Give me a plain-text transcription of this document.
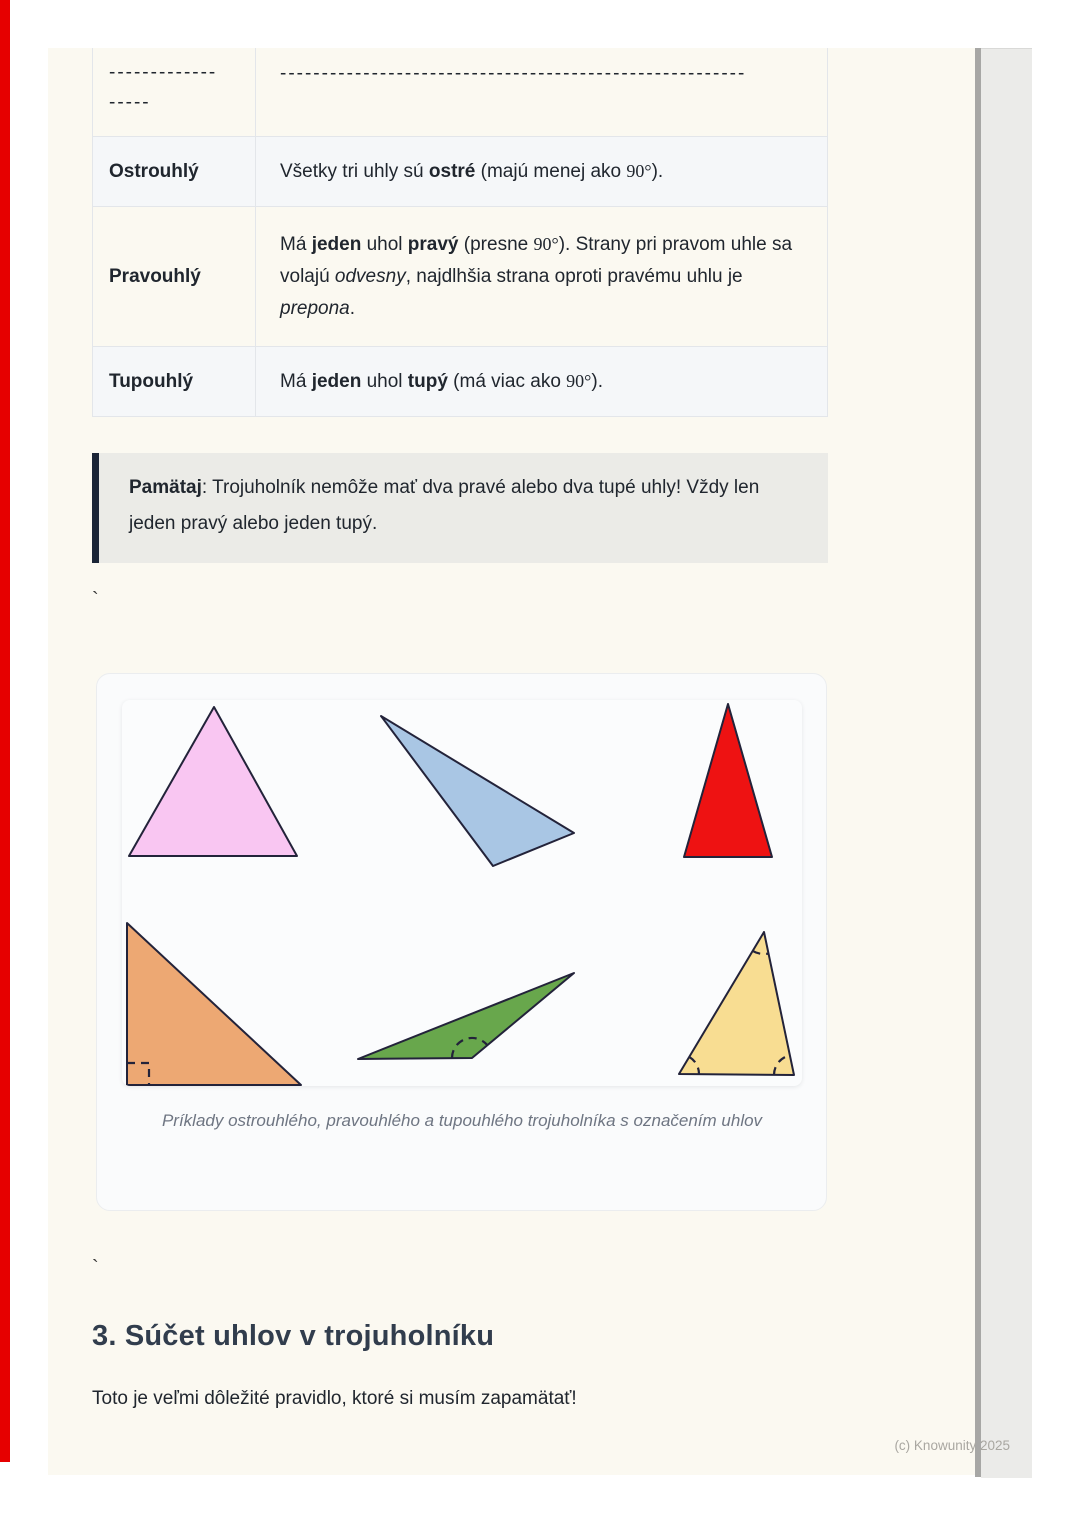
-------------
-----
--------------------------------------------------------
Ostrouhlý	Všetky tri uhly sú ostré (majú menej ako 90°).
Pravouhlý
Má jeden uhol pravý (presne 90°). Strany pri pravom uhle sa volajú odvesny, najdlhšia strana oproti pravému uhlu je prepona.
Tupouhlý	Má jeden uhol tupý (má viac ako 90°).
Pamätaj: Trojuholník nemôže mať dva pravé alebo dva tupé uhly! Vždy len jeden pravý alebo jeden tupý.
`
Príklady ostrouhlého, pravouhlého a tupouhlého trojuholníka s označením uhlov
`
3. Súčet uhlov v trojuholníku

Toto je veľmi dôležité pravidlo, ktoré si musím zapamätať!

(c) Knowunity 2025
